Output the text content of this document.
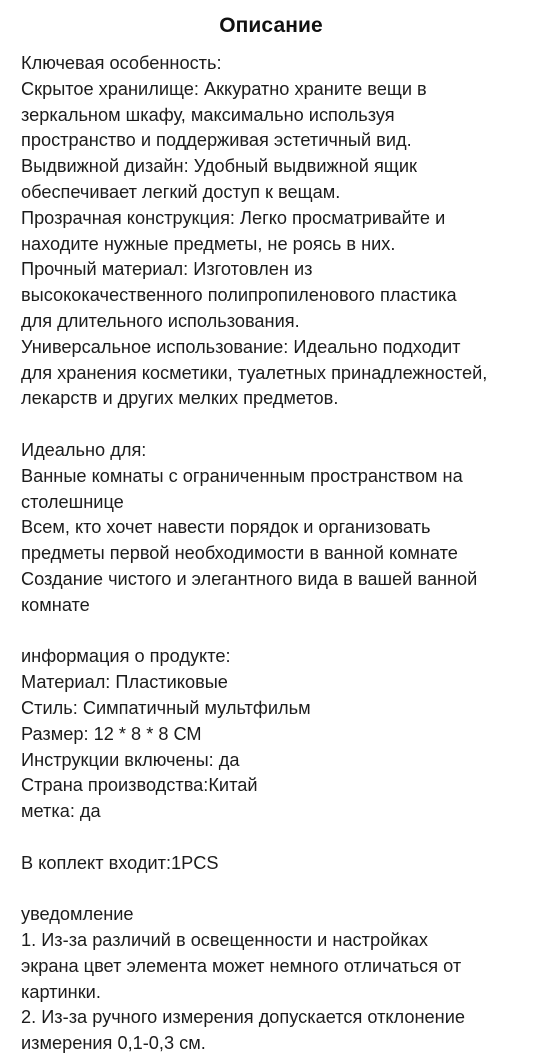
Описание
Ключевая особенность:
Скрытое хранилище: Аккуратно храните вещи в
зеркальном шкафу, максимально используя
пространство и поддерживая эстетичный вид.
Выдвижной дизайн: Удобный выдвижной ящик
обеспечивает легкий доступ к вещам.
Прозрачная конструкция: Легко просматривайте и
находите нужные предметы, не роясь в них.
Прочный материал: Изготовлен из
высококачественного полипропиленового пластика
для длительного использования.
Универсальное использование: Идеально подходит
для хранения косметики, туалетных принадлежностей,
лекарств и других мелких предметов.
Идеально для:
Ванные комнаты с ограниченным пространством на
столешнице
Всем, кто хочет навести порядок и организовать
предметы первой необходимости в ванной комнате
Создание чистого и элегантного вида в вашей ванной
комнате
информация о продукте:
Материал: Пластиковые
Стиль: Симпатичный мультфильм
Размер: 12 * 8 * 8 СМ
Инструкции включены: да
Страна производства:Китай
метка: да
В коплект входит:1PCS
уведомление
1. Из-за различий в освещенности и настройках
экрана цвет элемента может немного отличаться от
картинки.
2. Из-за ручного измерения допускается отклонение
измерения 0,1-0,3 см.
